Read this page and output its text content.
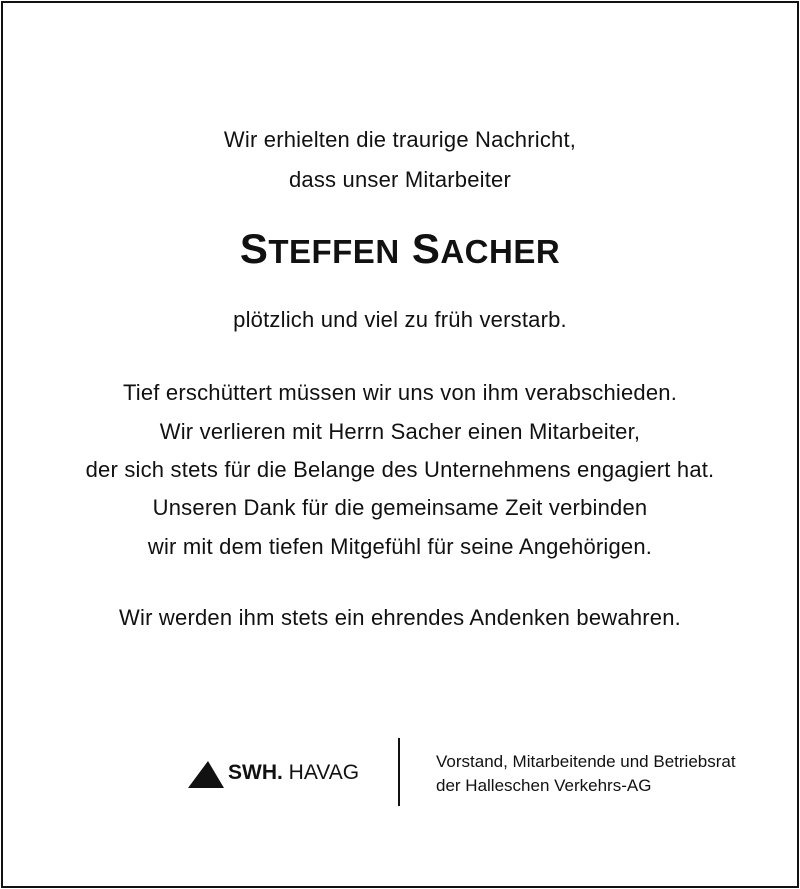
Wir erhielten die traurige Nachricht,
dass unser Mitarbeiter
STEFFEN SACHER
plötzlich und viel zu früh verstarb.
Tief erschüttert müssen wir uns von ihm verabschieden.
Wir verlieren mit Herrn Sacher einen Mitarbeiter,
der sich stets für die Belange des Unternehmens engagiert hat.
Unseren Dank für die gemeinsame Zeit verbinden
wir mit dem tiefen Mitgefühl für seine Angehörigen.
Wir werden ihm stets ein ehrendes Andenken bewahren.
SWH. HAVAG	Vorstand, Mitarbeitende und Betriebsrat
der Halleschen Verkehrs-AG
